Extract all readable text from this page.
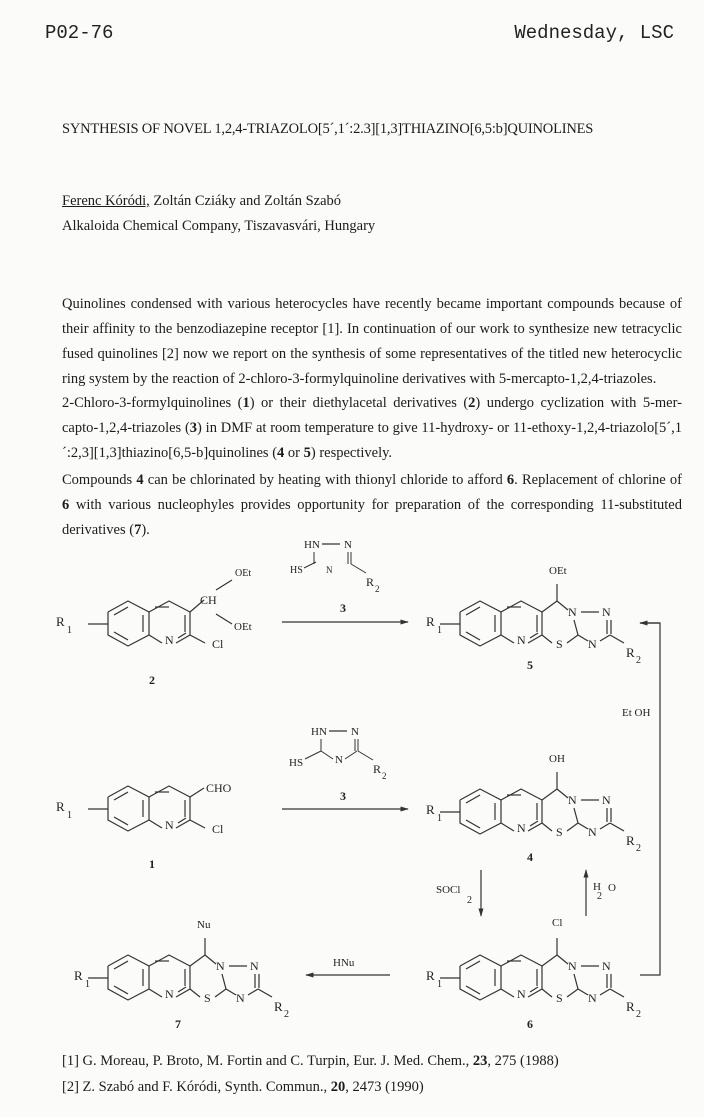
P02-76	Wednesday, LSC
SYNTHESIS OF NOVEL 1,2,4-TRIAZOLO[5´,1´:2.3][1,3]THIAZINO[6,5:b]QUINOLINES
Ferenc Kóródi, Zoltán Cziáky and Zoltán Szabó
Alkaloida Chemical Company, Tiszavasvári, Hungary

Quinolines condensed with various heterocycles have recently became important compounds because of their affinity to the benzodiazepine receptor [1]. In continuation of our work to synthesize new tetracyclic fused quinolines [2] now we report on the synthesis of some representatives of the titled new heterocyclic ring system by the reaction of 2-chloro-3-formylquinoline derivatives with 5-mercapto-1,2,4-triazoles.

2-Chloro-3-formylquinolines (1) or their diethylacetal derivatives (2) undergo cyclization with 5-mer-capto-1,2,4-triazoles (3) in DMF at room temperature to give 11-hydroxy- or 11-ethoxy-1,2,4-triazolo[5´,1´:2,3][1,3]thiazino[6,5-b]quinolines (4 or 5) respectively.

Compounds 4 can be chlorinated by heating with thionyl chloride to afford 6. Replacement of chlorine of 6 with various nucleophyles provides opportunity for preparation of the corresponding 11-substituted derivatives (7).

R
1
N	Cl
CH
OEt
OEt
2
HN N
HS	N
R 2
3
R
1
N
OEt
N N
S N
R
2
5
Et OH
R
1
N	Cl
CHO
1
HN N
HS	N
R 2
3
R
1
N
OH
N N
S N
R
2
4
SOCl
2
H
2
O
R
1
N
Cl
N N
S N
R
2
6
HNu
R
1
N
Nu
N N
S N
R
2
7
[1] G. Moreau, P. Broto, M. Fortin and C. Turpin, Eur. J. Med. Chem., 23, 275 (1988)
[2] Z. Szabó and F. Kóródi, Synth. Commun., 20, 2473 (1990)
